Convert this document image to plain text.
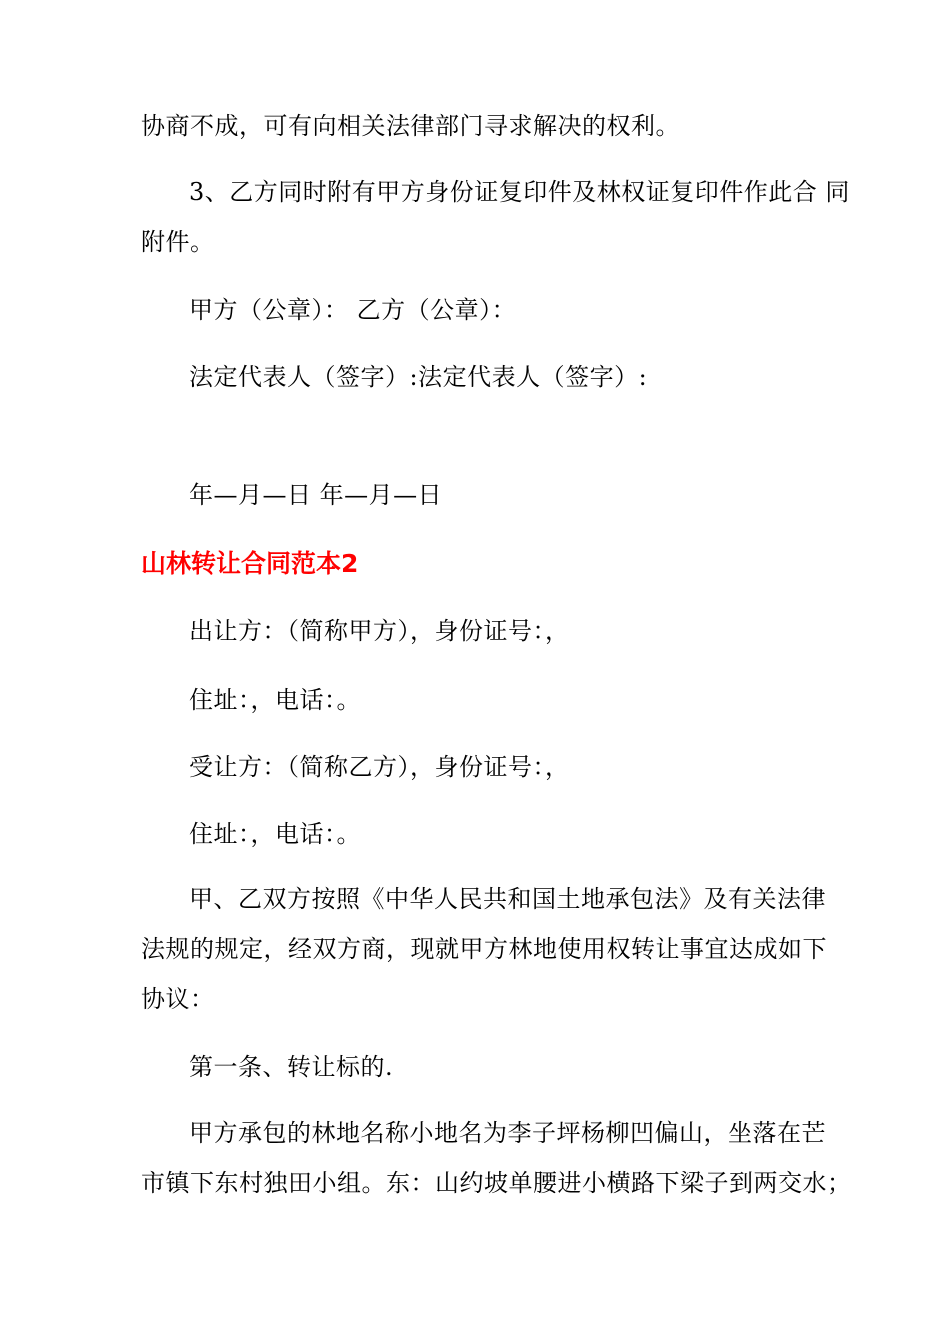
协商不成，可有向相关法律部门寻求解决的权利。
3、乙方同时附有甲方身份证复印件及林权证复印件作此合 同
附件。
甲方（公章）： 乙方（公章）：
法定代表人（签字）:法定代表人（签字）:
年—月—日 年—月—日
山林转让合同范本2
出让方：（简称甲方），身份证号：，
住址：，电话：。
受让方：（简称乙方），身份证号：，
住址：，电话：。
甲、乙双方按照《中华人民共和国土地承包法》及有关法律
法规的规定，经双方商，现就甲方林地使用权转让事宜达成如下
协议：
第一条、转让标的.
甲方承包的林地名称小地名为李子坪杨柳凹偏山，坐落在芒
市镇下东村独田小组。东：山约坡单腰进小横路下梁子到两交水；
